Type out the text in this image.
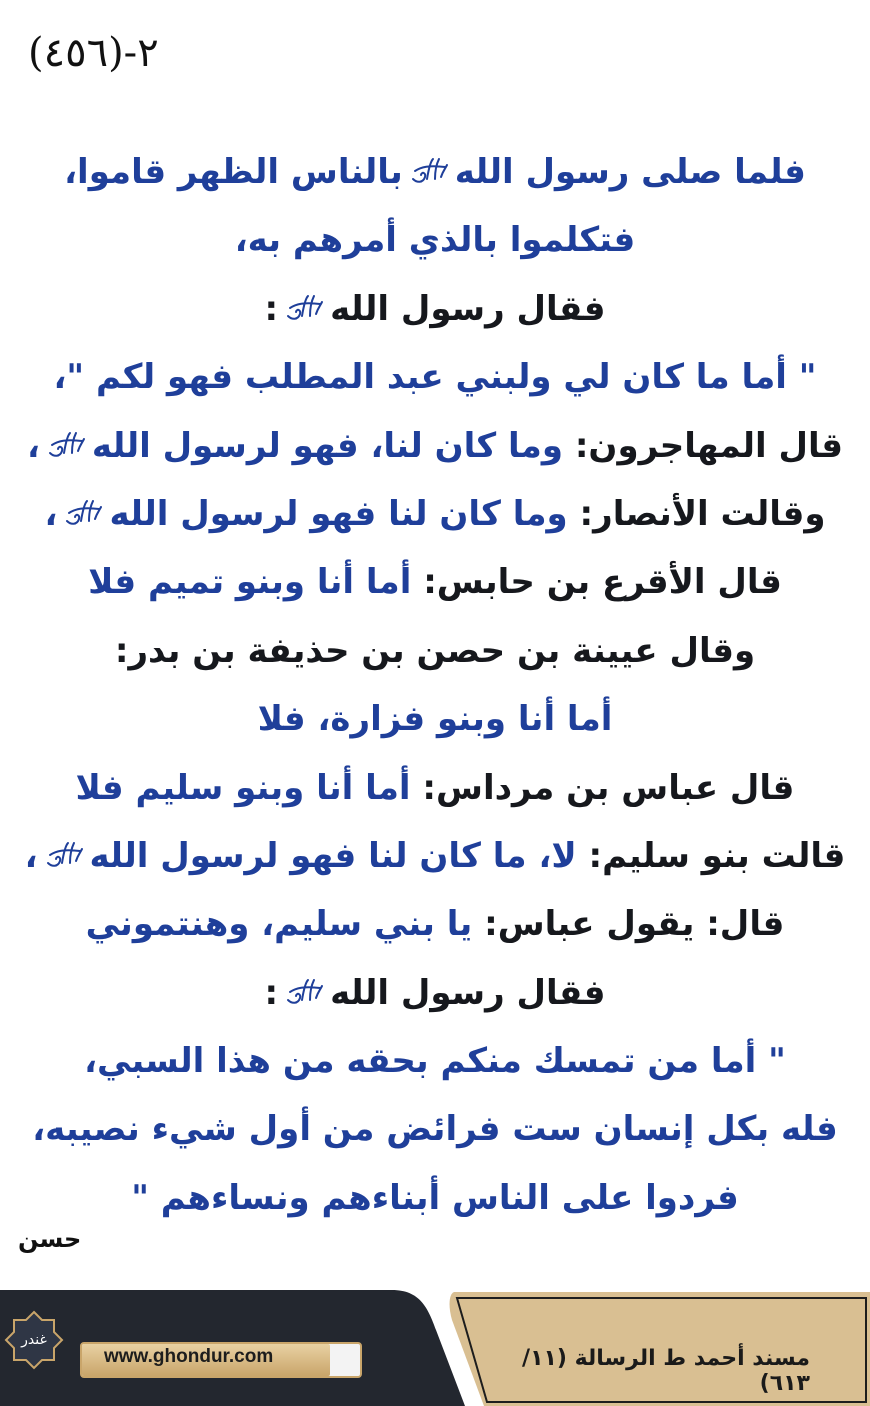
٢-(٤٥٦)
فلما صلى رسول اللهبالناس الظهر قاموا،
فتكلموا بالذي أمرهم به،
فقال رسول الله:
" أما ما كان لي ولبني عبد المطلب فهو لكم "،
قال المهاجرون: وما كان لنا، فهو لرسول الله،
وقالت الأنصار: وما كان لنا فهو لرسول الله،
قال الأقرع بن حابس: أما أنا وبنو تميم فلا
وقال عيينة بن حصن بن حذيفة بن بدر:
أما أنا وبنو فزارة، فلا
قال عباس بن مرداس: أما أنا وبنو سليم فلا
قالت بنو سليم: لا، ما كان لنا فهو لرسول الله،
قال: يقول عباس: يا بني سليم، وهنتموني
فقال رسول الله:
" أما من تمسك منكم بحقه من هذا السبي،
فله بكل إنسان ست فرائض من أول شيء نصيبه،
فردوا على الناس أبناءهم ونساءهم "
حسن
غندر
www.ghondur.com	مسند أحمد ط الرسالة (١١/ ٦١٣)
